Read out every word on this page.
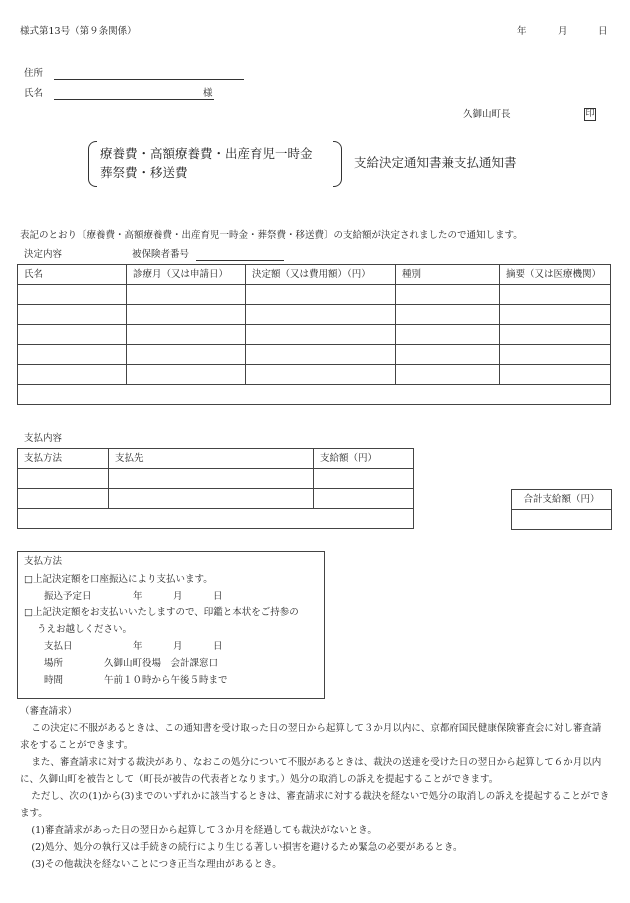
様式第13号（第９条関係）	年	月	日
住所
氏名	様
久御山町長	印
療養費・高額療養費・出産育児一時金
葬祭費・移送費
支給決定通知書兼支払通知書
表記のとおり〔療養費・高額療養費・出産育児一時金・葬祭費・移送費〕の支給額が決定されましたので通知します。
決定内容	被保険者番号
氏名	診療月（又は申請日）	決定額（又は費用額）（円）	種別	摘要（又は医療機関）

支払内容
支払方法	支払先	支給額（円）

合計支給額（円）

支払方法
□上記決定額を口座振込により支払います。
振込予定日	年	月	日
□上記決定額をお支払いいたしますので、印鑑と本状をご持参の
うえお越しください。
支払日	年	月	日
場所	久御山町役場　会計課窓口
時間	午前１０時から午後５時まで

（審査請求）

この決定に不服があるときは、この通知書を受け取った日の翌日から起算して３か月以内に、京都府国民健康保険審査会に対し審査請求をすることができます。

また、審査請求に対する裁決があり、なおこの処分について不服があるときは、裁決の送達を受けた日の翌日から起算して６か月以内に、久御山町を被告として（町長が被告の代表者となります。）処分の取消しの訴えを提起することができます。

ただし、次の(1)から(3)までのいずれかに該当するときは、審査請求に対する裁決を経ないで処分の取消しの訴えを提起することができます。

(1)審査請求があった日の翌日から起算して３か月を経過しても裁決がないとき。

(2)処分、処分の執行又は手続きの続行により生じる著しい損害を避けるため緊急の必要があるとき。

(3)その他裁決を経ないことにつき正当な理由があるとき。
